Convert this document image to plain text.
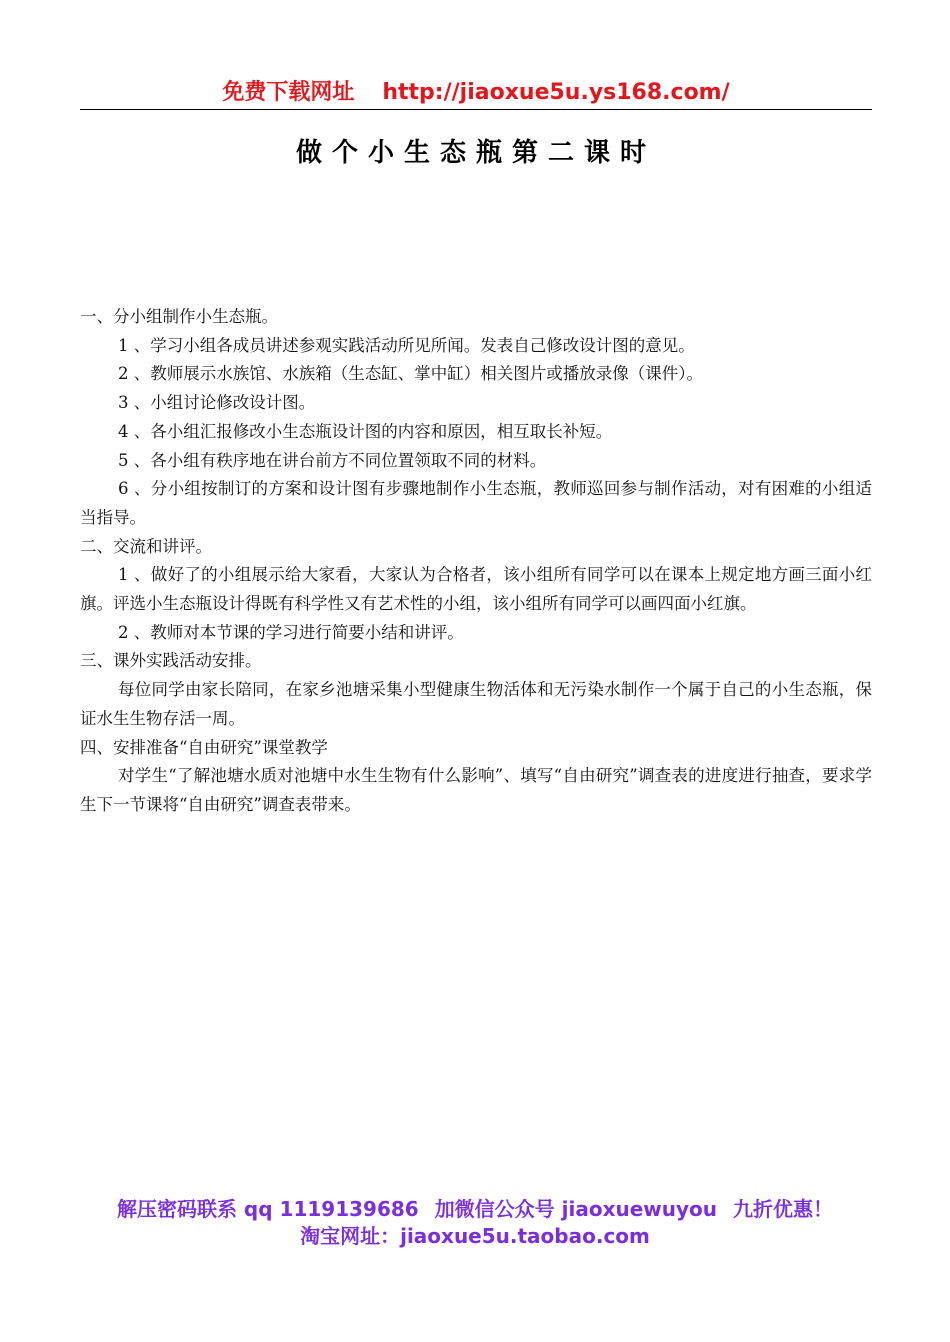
免费下载网址 http://jiaoxue5u.ys168.com/
做个小生态瓶第二课时

一、分小组制作小生态瓶。

1 、学习小组各成员讲述参观实践活动所见所闻。发表自己修改设计图的意见。

2 、教师展示水族馆、水族箱（生态缸、掌中缸）相关图片或播放录像（课件）。

3 、小组讨论修改设计图。

4 、各小组汇报修改小生态瓶设计图的内容和原因，相互取长补短。

5 、各小组有秩序地在讲台前方不同位置领取不同的材料。

6 、分小组按制订的方案和设计图有步骤地制作小生态瓶，教师巡回参与制作活动，对有困难的小组适当指导。

二、交流和讲评。

1 、做好了的小组展示给大家看，大家认为合格者，该小组所有同学可以在课本上规定地方画三面小红旗。评选小生态瓶设计得既有科学性又有艺术性的小组，该小组所有同学可以画四面小红旗。

2 、教师对本节课的学习进行简要小结和讲评。

三、课外实践活动安排。

每位同学由家长陪同，在家乡池塘采集小型健康生物活体和无污染水制作一个属于自己的小生态瓶，保证水生生物存活一周。

四、安排准备“自由研究”课堂教学

对学生“了解池塘水质对池塘中水生生物有什么影响”、填写“自由研究”调查表的进度进行抽查，要求学生下一节课将“自由研究”调查表带来。

解压密码联系 qq 1119139686 加微信公众号 jiaoxuewuyou 九折优惠！
淘宝网址：jiaoxue5u.taobao.com
